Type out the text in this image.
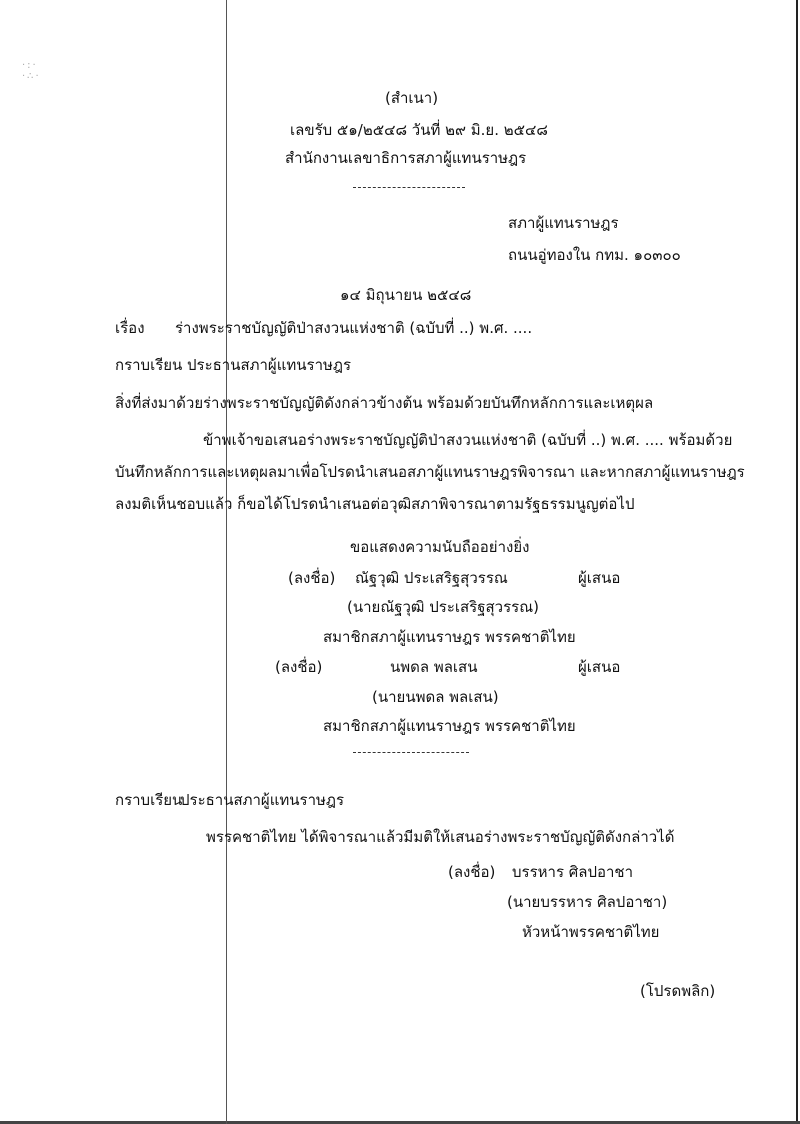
·:·
·∴·
(สำเนา)
เลขรับ ๕๑/๒๕๔๘ วันที่ ๒๙ มิ.ย. ๒๕๔๘
สำนักงานเลขาธิการสภาผู้แทนราษฎร
สภาผู้แทนราษฎร
ถนนอู่ทองใน กทม. ๑๐๓๐๐
๑๔ มิถุนายน ๒๕๔๘
เรื่อง ร่างพระราชบัญญัติป่าสงวนแห่งชาติ (ฉบับที่ ..) พ.ศ. ....
กราบเรียน ประธานสภาผู้แทนราษฎร
สิ่งที่ส่งมาด้วย ร่างพระราชบัญญัติดังกล่าวข้างต้น พร้อมด้วยบันทึกหลักการและเหตุผล
ข้าพเจ้าขอเสนอร่างพระราชบัญญัติป่าสงวนแห่งชาติ (ฉบับที่ ..) พ.ศ. .... พร้อมด้วย
บันทึกหลักการและเหตุผลมาเพื่อโปรดนำเสนอสภาผู้แทนราษฎรพิจารณา และหากสภาผู้แทนราษฎร
ลงมติเห็นชอบแล้ว ก็ขอได้โปรดนำเสนอต่อวุฒิสภาพิจารณาตามรัฐธรรมนูญต่อไป
ขอแสดงความนับถืออย่างยิ่ง
(ลงชื่อ) ณัฐวุฒิ ประเสริฐสุวรรณ	ผู้เสนอ
(นายณัฐวุฒิ ประเสริฐสุวรรณ)
สมาชิกสภาผู้แทนราษฎร พรรคชาติไทย
(ลงชื่อ)	นพดล พลเสน	ผู้เสนอ
(นายนพดล พลเสน)
สมาชิกสภาผู้แทนราษฎร พรรคชาติไทย
กราบเรียน
ประธานสภาผู้แทนราษฎร
พรรคชาติไทย ได้พิจารณาแล้วมีมติให้เสนอร่างพระราชบัญญัติดังกล่าวได้
(ลงชื่อ) บรรหาร ศิลปอาชา
(นายบรรหาร ศิลปอาชา)
หัวหน้าพรรคชาติไทย
(โปรดพลิก)
